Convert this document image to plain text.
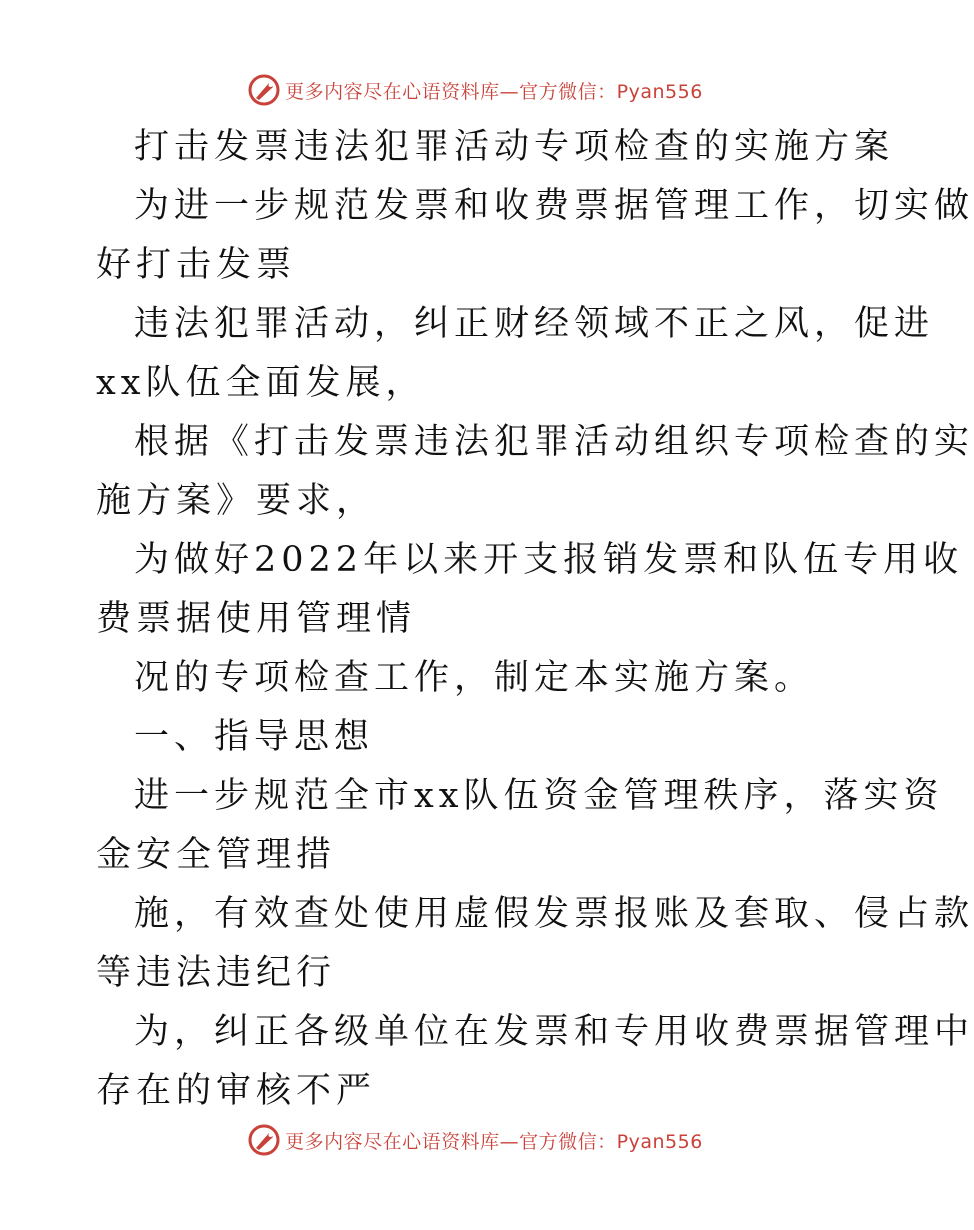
更多内容尽在心语资料库—官方微信：Pyan556
打击发票违法犯罪活动专项检查的实施方案
为进一步规范发票和收费票据管理工作，切实做
好打击发票
违法犯罪活动，纠正财经领域不正之风，促进
xx队伍全面发展，
根据《打击发票违法犯罪活动组织专项检查的实
施方案》要求，
为做好2022年以来开支报销发票和队伍专用收
费票据使用管理情
况的专项检查工作，制定本实施方案。
一、指导思想
进一步规范全市xx队伍资金管理秩序，落实资
金安全管理措
施，有效查处使用虚假发票报账及套取、侵占款
等违法违纪行
为，纠正各级单位在发票和专用收费票据管理中
存在的审核不严
更多内容尽在心语资料库—官方微信：Pyan556
